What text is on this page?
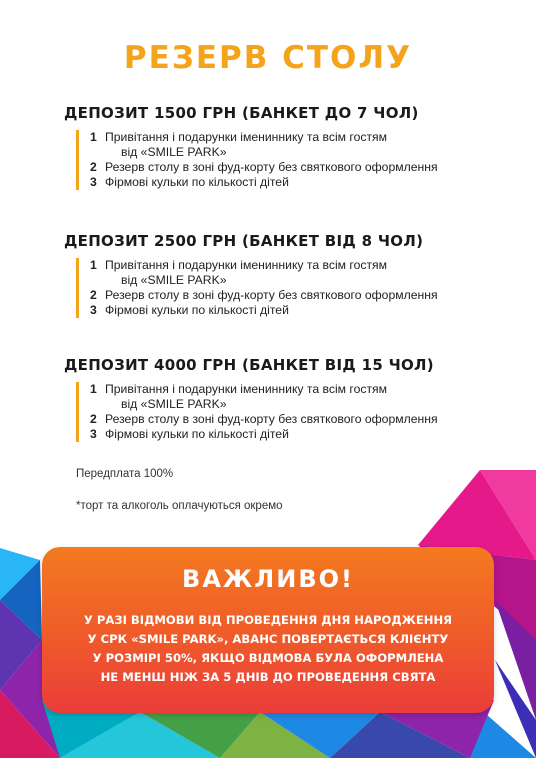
РЕЗЕРВ СТОЛУ
ДЕПОЗИТ 1500 ГРН (БАНКЕТ ДО 7 ЧОЛ)
1 Привітання і подарунки імениннику та всім гостям
від «SMILE PARK»
2 Резерв столу в зоні фуд-корту без святкового оформлення
3 Фірмові кульки по кількості дітей
ДЕПОЗИТ 2500 ГРН (БАНКЕТ ВІД 8 ЧОЛ)
1 Привітання і подарунки імениннику та всім гостям
від «SMILE PARK»
2 Резерв столу в зоні фуд-корту без святкового оформлення
3 Фірмові кульки по кількості дітей
ДЕПОЗИТ 4000 ГРН (БАНКЕТ ВІД 15 ЧОЛ)
1 Привітання і подарунки імениннику та всім гостям
від «SMILE PARK»
2 Резерв столу в зоні фуд-корту без святкового оформлення
3 Фірмові кульки по кількості дітей

Передплата 100%

*торт та алкоголь оплачуються окремо

ВАЖЛИВО!

У РАЗІ ВІДМОВИ ВІД ПРОВЕДЕННЯ ДНЯ НАРОДЖЕННЯ
У СРК «SMILE PARK», АВАНС ПОВЕРТАЄТЬСЯ КЛІЄНТУ
У РОЗМІРІ 50%, ЯКЩО ВІДМОВА БУЛА ОФОРМЛЕНА
НЕ МЕНШ НІЖ ЗА 5 ДНІВ ДО ПРОВЕДЕННЯ СВЯТА
